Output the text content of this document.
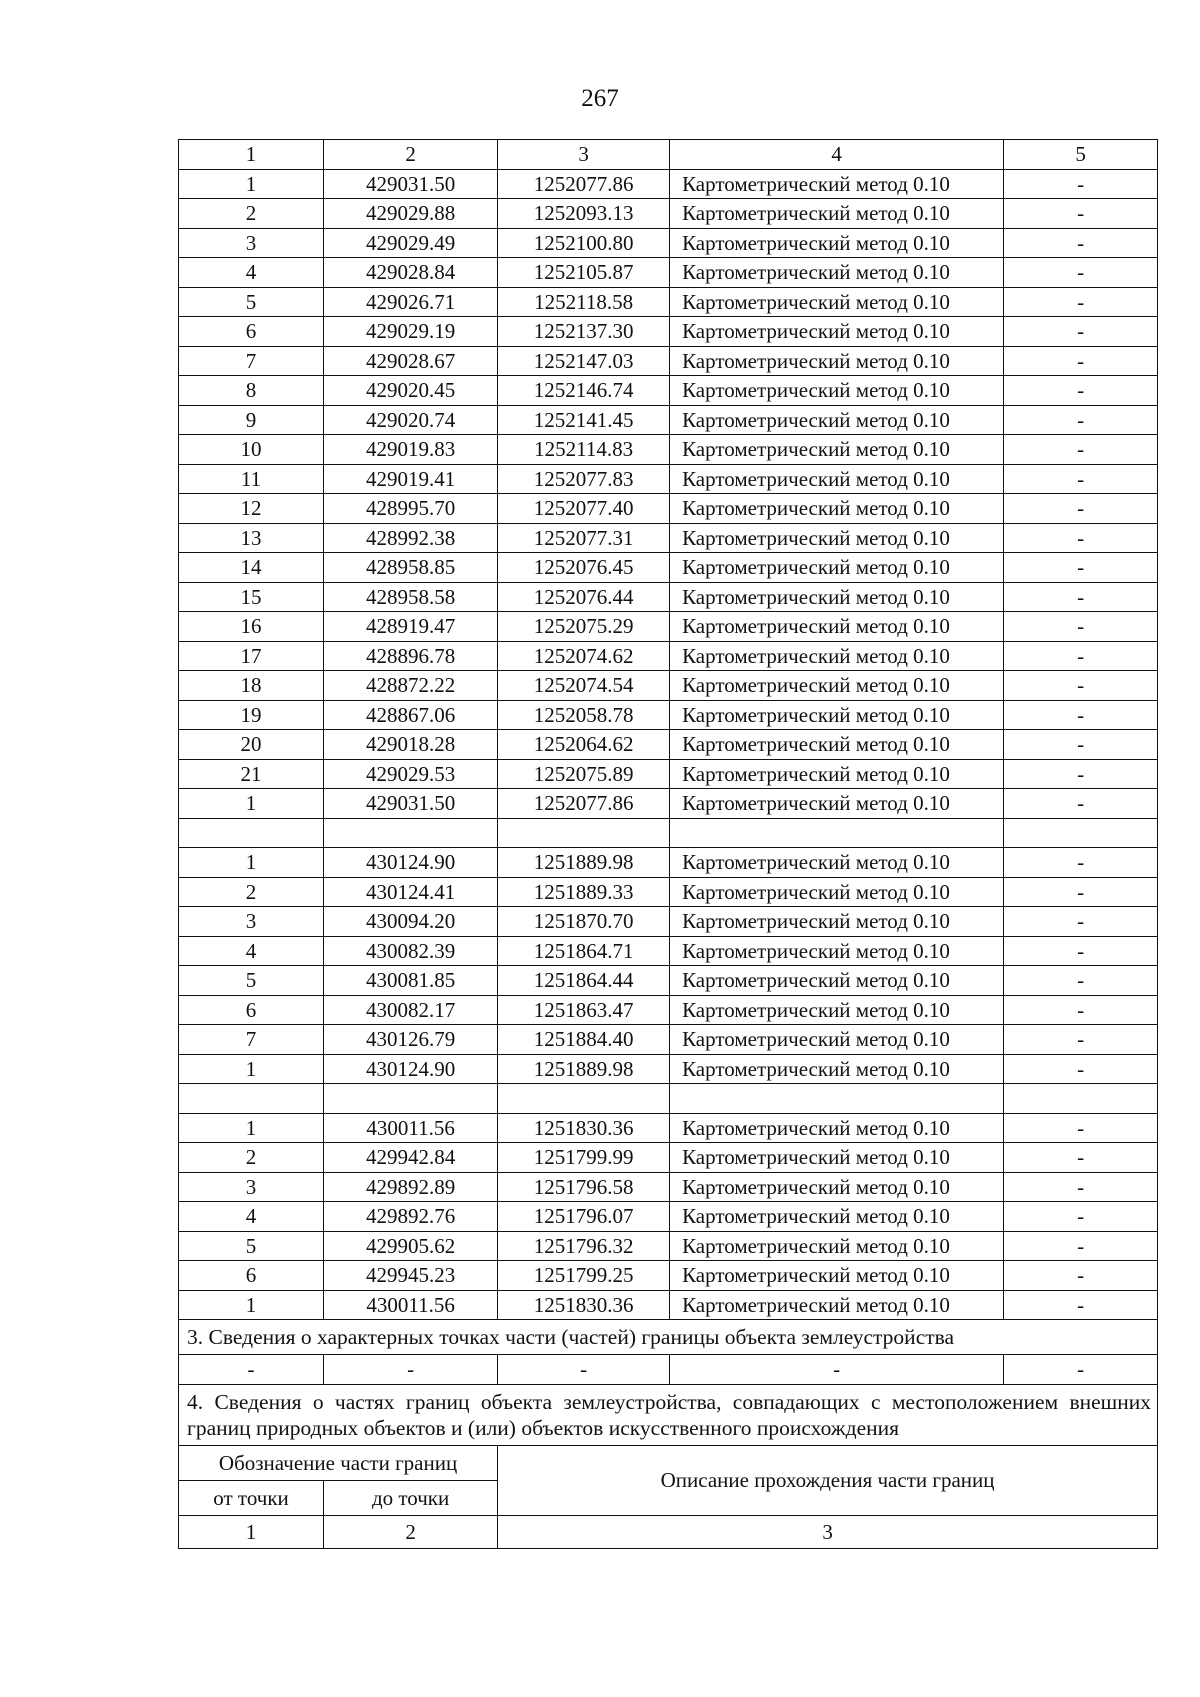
267
1	2	3	4	5
1	429031.50	1252077.86	Картометрический метод 0.10	-
2	429029.88	1252093.13	Картометрический метод 0.10	-
3	429029.49	1252100.80	Картометрический метод 0.10	-
4	429028.84	1252105.87	Картометрический метод 0.10	-
5	429026.71	1252118.58	Картометрический метод 0.10	-
6	429029.19	1252137.30	Картометрический метод 0.10	-
7	429028.67	1252147.03	Картометрический метод 0.10	-
8	429020.45	1252146.74	Картометрический метод 0.10	-
9	429020.74	1252141.45	Картометрический метод 0.10	-
10	429019.83	1252114.83	Картометрический метод 0.10	-
11	429019.41	1252077.83	Картометрический метод 0.10	-
12	428995.70	1252077.40	Картометрический метод 0.10	-
13	428992.38	1252077.31	Картометрический метод 0.10	-
14	428958.85	1252076.45	Картометрический метод 0.10	-
15	428958.58	1252076.44	Картометрический метод 0.10	-
16	428919.47	1252075.29	Картометрический метод 0.10	-
17	428896.78	1252074.62	Картометрический метод 0.10	-
18	428872.22	1252074.54	Картометрический метод 0.10	-
19	428867.06	1252058.78	Картометрический метод 0.10	-
20	429018.28	1252064.62	Картометрический метод 0.10	-
21	429029.53	1252075.89	Картометрический метод 0.10	-
1	429031.50	1252077.86	Картометрический метод 0.10	-

1	430124.90	1251889.98	Картометрический метод 0.10	-
2	430124.41	1251889.33	Картометрический метод 0.10	-
3	430094.20	1251870.70	Картометрический метод 0.10	-
4	430082.39	1251864.71	Картометрический метод 0.10	-
5	430081.85	1251864.44	Картометрический метод 0.10	-
6	430082.17	1251863.47	Картометрический метод 0.10	-
7	430126.79	1251884.40	Картометрический метод 0.10	-
1	430124.90	1251889.98	Картометрический метод 0.10	-

1	430011.56	1251830.36	Картометрический метод 0.10	-
2	429942.84	1251799.99	Картометрический метод 0.10	-
3	429892.89	1251796.58	Картометрический метод 0.10	-
4	429892.76	1251796.07	Картометрический метод 0.10	-
5	429905.62	1251796.32	Картометрический метод 0.10	-
6	429945.23	1251799.25	Картометрический метод 0.10	-
1	430011.56	1251830.36	Картометрический метод 0.10	-
3. Сведения о характерных точках части (частей) границы объекта землеустройства				
-	-	-	-	-
4. Сведения о частях границ объекта землеустройства, совпадающих с местоположением внешних границ природных объектов и (или) объектов искусственного происхождения				
Обозначение части границ		Описание прохождения части границ		
от точки	до точки			
1	2	3		
